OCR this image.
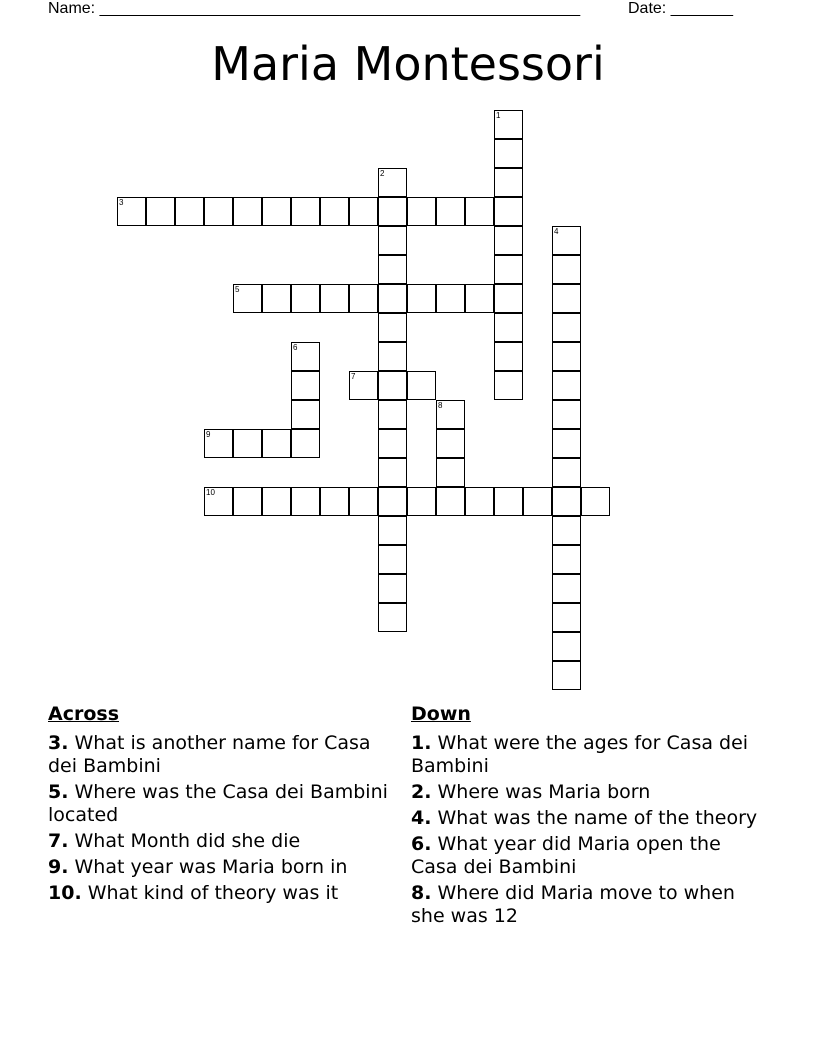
Name: ______________________________________________________	Date: _______
Maria Montessori
1
2
3
4
5
6
7
8
9
10
Across
3. What is another name for Casa dei Bambini
5. Where was the Casa dei Bambini located
7. What Month did she die
9. What year was Maria born in
10. What kind of theory was it
Down
1. What were the ages for Casa dei Bambini
2. Where was Maria born
4. What was the name of the theory
6. What year did Maria open the Casa dei Bambini
8. Where did Maria move to when she was 12
